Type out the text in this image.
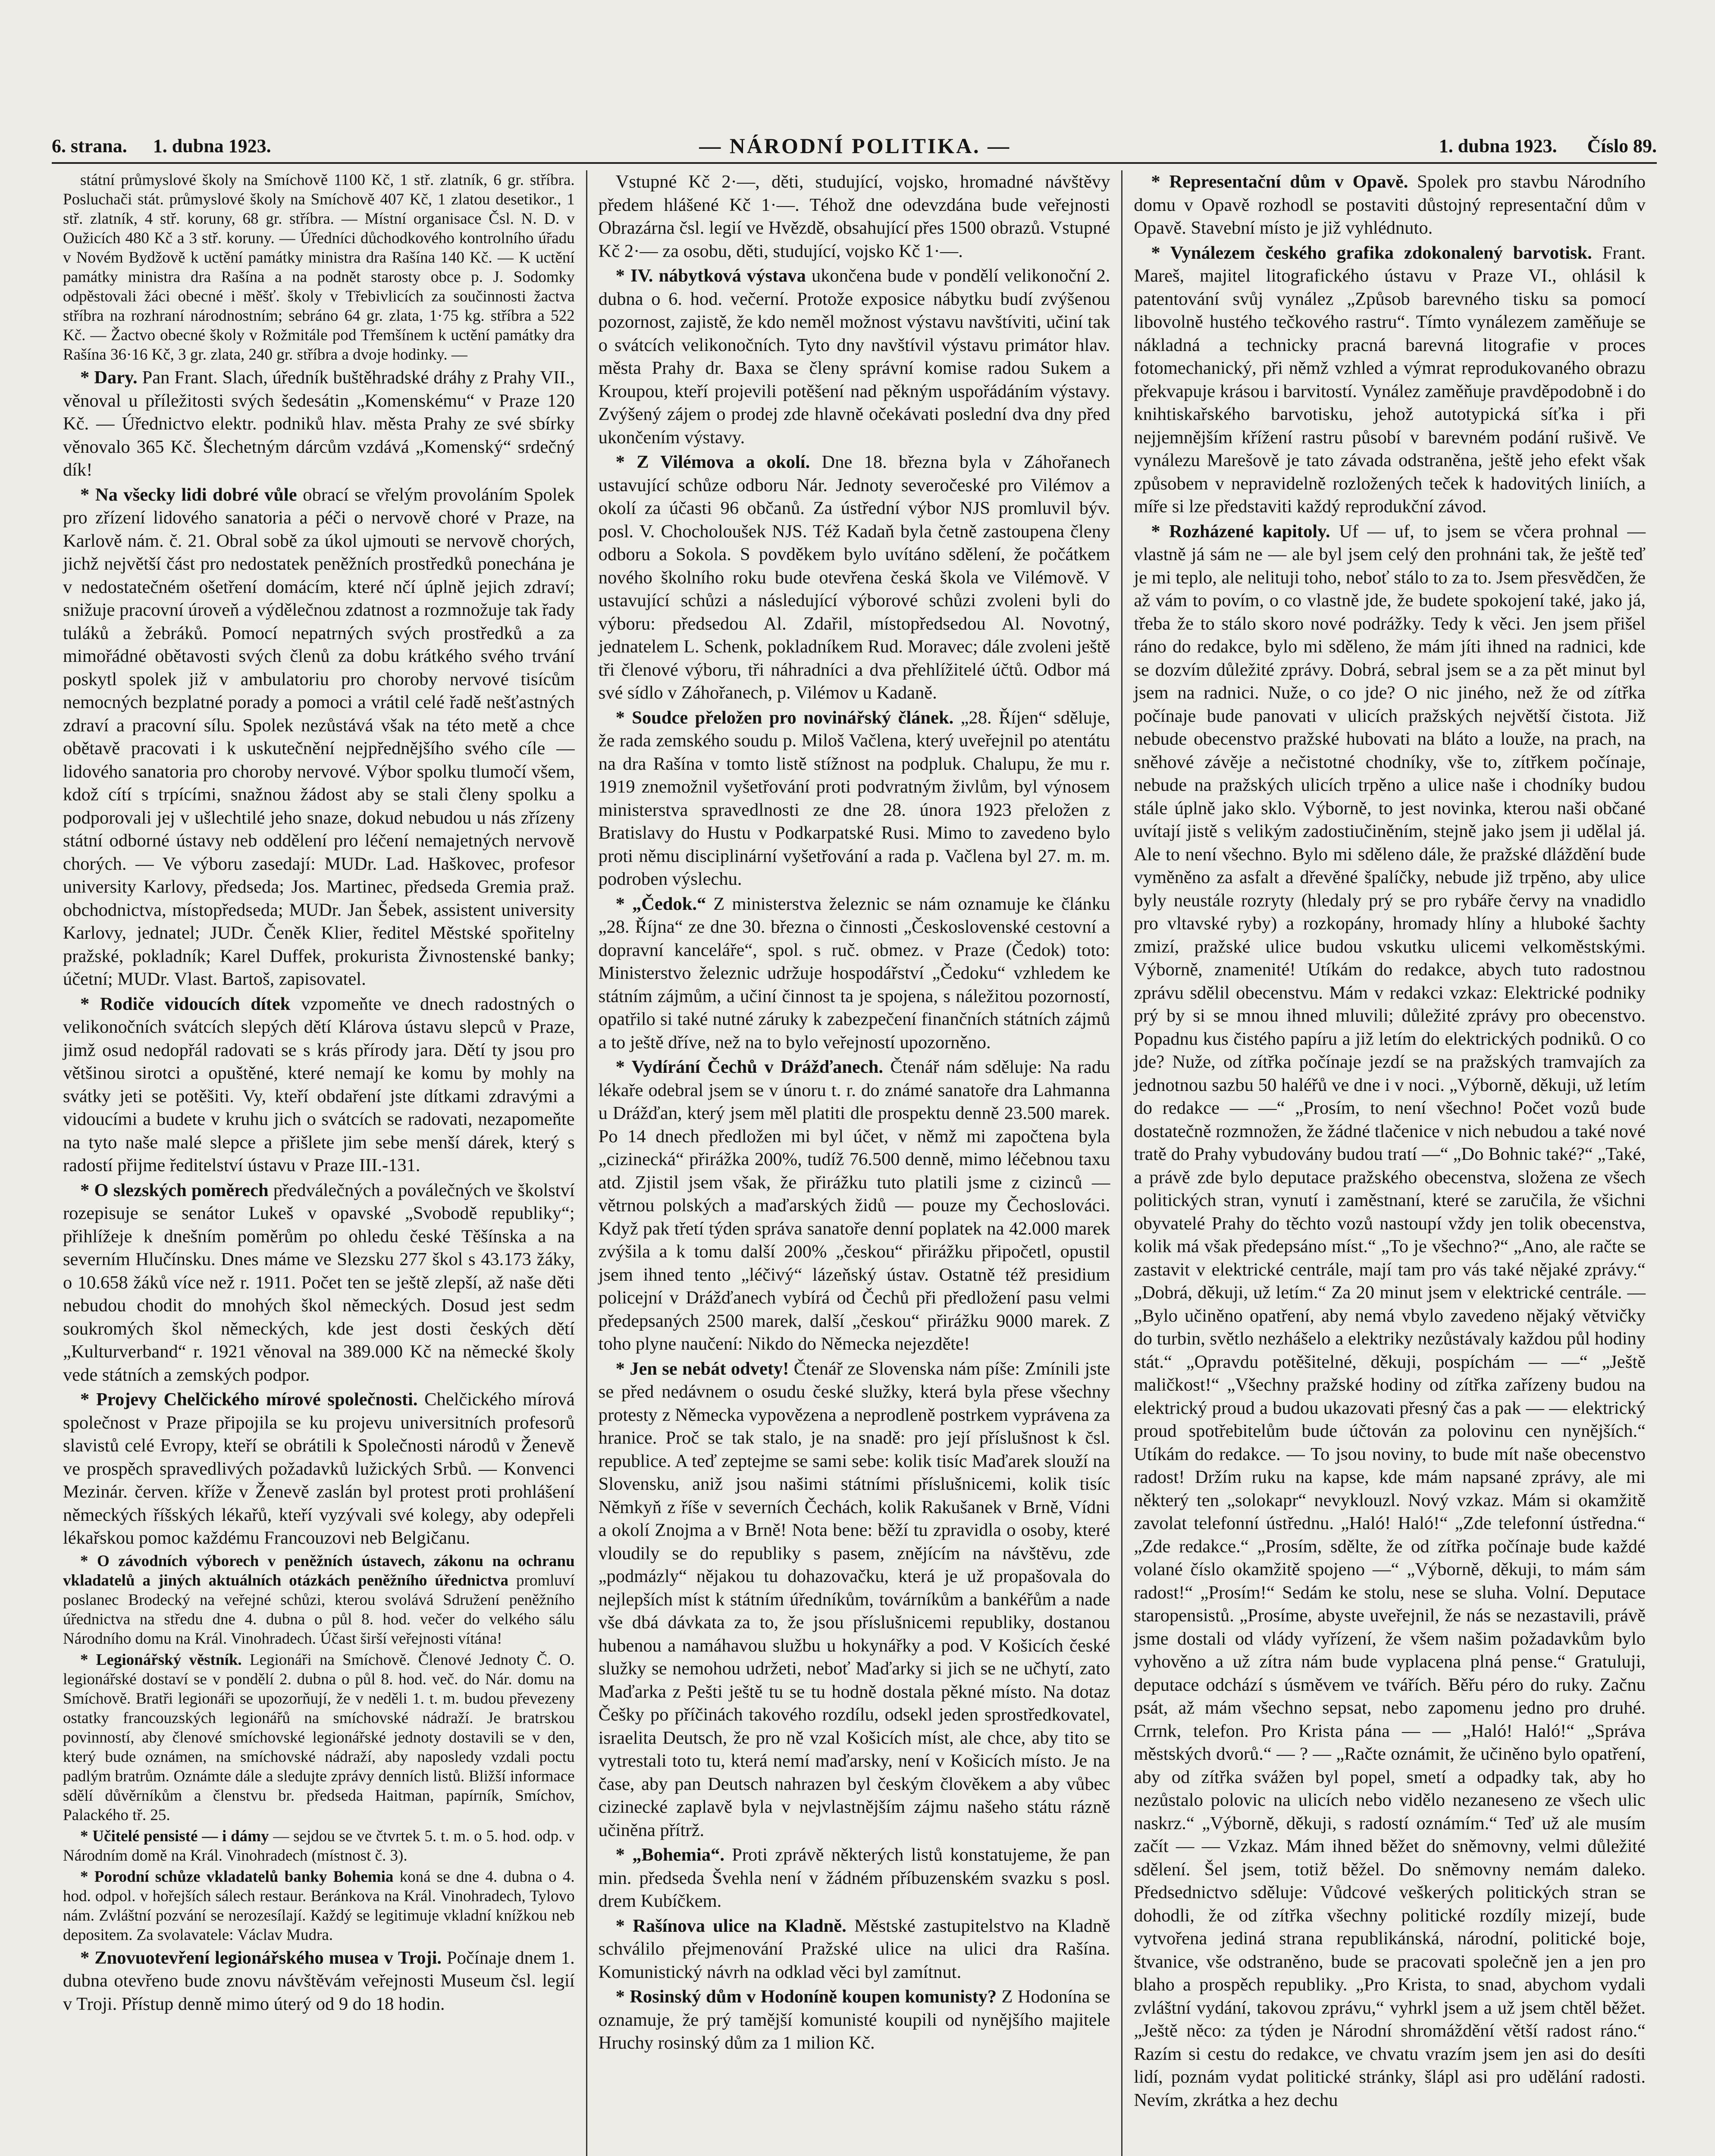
6. strana. 1. dubna 1923.	— NÁRODNÍ POLITIKA. —	1. dubna 1923. Číslo 89.

státní průmyslové školy na Smíchově 1100 Kč, 1 stř. zlatník, 6 gr. stříbra. Posluchači stát. průmyslové školy na Smíchově 407 Kč, 1 zlatou desetikor., 1 stř. zlatník, 4 stř. koruny, 68 gr. stříbra. — Místní organisace Čsl. N. D. v Oužicích 480 Kč a 3 stř. koruny. — Úředníci důchodkového kontrolního úřadu v Novém Bydžově k uctění památky ministra dra Rašína 140 Kč. — K uctění památky ministra dra Rašína a na podnět starosty obce p. J. Sodomky odpěstovali žáci obecné i měšť. školy v Třebivlicích za součinnosti žactva stříbra na rozhraní národnostním; sebráno 64 gr. zlata, 1·75 kg. stříbra a 522 Kč. — Žactvo obecné školy v Rožmitále pod Třemšínem k uctění památky dra Rašína 36·16 Kč, 3 gr. zlata, 240 gr. stříbra a dvoje hodinky. —

* Dary. Pan Frant. Slach, úředník buštěhradské dráhy z Prahy VII., věnoval u příležitosti svých šedesátin „Komenskému“ v Praze 120 Kč. — Úřednictvo elektr. podniků hlav. města Prahy ze své sbírky věnovalo 365 Kč. Šlechetným dárcům vzdává „Komenský“ srdečný dík!

* Na všecky lidi dobré vůle obrací se vřelým provoláním Spolek pro zřízení lidového sanatoria a péči o nervově choré v Praze, na Karlově nám. č. 21. Obral sobě za úkol ujmouti se nervově chorých, jichž největší část pro nedostatek peněžních prostředků ponechána je v nedostatečném ošetření domácím, které nčí úplně jejich zdraví; snižuje pracovní úroveň a výdělečnou zdatnost a rozmnožuje tak řady tuláků a žebráků. Pomocí nepatrných svých prostředků a za mimořádné obětavosti svých členů za dobu krátkého svého trvání poskytl spolek již v ambulatoriu pro choroby nervové tisícům nemocných bezplatné porady a pomoci a vrátil celé řadě nešťastných zdraví a pracovní sílu. Spolek nezůstává však na této metě a chce obětavě pracovati i k uskutečnění nejpřednějšího svého cíle — lidového sanatoria pro choroby nervové. Výbor spolku tlumočí všem, kdož cítí s trpícími, snažnou žádost aby se stali členy spolku a podporovali jej v ušlechtilé jeho snaze, dokud nebudou u nás zřízeny státní odborné ústavy neb oddělení pro léčení nemajetných nervově chorých. — Ve výboru zasedají: MUDr. Lad. Haškovec, profesor university Karlovy, předseda; Jos. Martinec, předseda Gremia praž. obchodnictva, místopředseda; MUDr. Jan Šebek, assistent university Karlovy, jednatel; JUDr. Čeněk Klier, ředitel Městské spořitelny pražské, pokladník; Karel Duffek, prokurista Živnostenské banky; účetní; MUDr. Vlast. Bartoš, zapisovatel.

* Rodiče vidoucích dítek vzpomeňte ve dnech radostných o velikonočních svátcích slepých dětí Klárova ústavu slepců v Praze, jimž osud nedopřál radovati se s krás přírody jara. Dětí ty jsou pro většinou sirotci a opuštěné, které nemají ke komu by mohly na svátky jeti se potěšiti. Vy, kteří obdaření jste dítkami zdravými a vidoucími a budete v kruhu jich o svátcích se radovati, nezapomeňte na tyto naše malé slepce a přišlete jim sebe menší dárek, který s radostí přijme ředitelství ústavu v Praze III.-131.

* O slezských poměrech předválečných a poválečných ve školství rozepisuje se senátor Lukeš v opavské „Svobodě republiky“; přihlížeje k dnešním poměrům po ohledu české Těšínska a na severním Hlučínsku. Dnes máme ve Slezsku 277 škol s 43.173 žáky, o 10.658 žáků více než r. 1911. Počet ten se ještě zlepší, až naše děti nebudou chodit do mnohých škol německých. Dosud jest sedm soukromých škol německých, kde jest dosti českých dětí „Kulturverband“ r. 1921 věnoval na 389.000 Kč na německé školy vede státních a zemských podpor.

* Projevy Chelčického mírové společnosti. Chelčického mírová společnost v Praze připojila se ku projevu universitních profesorů slavistů celé Evropy, kteří se obrátili k Společnosti národů v Ženevě ve prospěch spravedlivých požadavků lužických Srbů. — Konvenci Mezinár. červen. kříže v Ženevě zaslán byl protest proti prohlášení německých říšských lékařů, kteří vyzývali své kolegy, aby odepřeli lékařskou pomoc každému Francouzovi neb Belgičanu.

* O závodních výborech v peněžních ústavech, zákonu na ochranu vkladatelů a jiných aktuálních otázkách peněžního úřednictva promluví poslanec Brodecký na veřejné schůzi, kterou svolává Sdružení peněžního úřednictva na středu dne 4. dubna o půl 8. hod. večer do velkého sálu Národního domu na Král. Vinohradech. Účast širší veřejnosti vítána!

* Legionářský věstník. Legionáři na Smíchově. Členové Jednoty Č. O. legionářské dostaví se v pondělí 2. dubna o půl 8. hod. več. do Nár. domu na Smíchově. Bratři legionáři se upozorňují, že v neděli 1. t. m. budou převezeny ostatky francouzských legionářů na smíchovské nádraží. Je bratrskou povinností, aby členové smíchovské legionářské jednoty dostavili se v den, který bude oznámen, na smíchovské nádraží, aby naposledy vzdali poctu padlým bratrům. Oznámte dále a sledujte zprávy denních listů. Bližší informace sdělí důvěrníkům a členstvu br. předseda Haitman, papírník, Smíchov, Palackého tř. 25.

* Učitelé pensisté — i dámy — sejdou se ve čtvrtek 5. t. m. o 5. hod. odp. v Národním domě na Král. Vinohradech (místnost č. 3).

* Porodní schůze vkladatelů banky Bohemia koná se dne 4. dubna o 4. hod. odpol. v hořejších sálech restaur. Beránkova na Král. Vinohradech, Tylovo nám. Zvláštní pozvání se nerozesílají. Každý se legitimuje vkladní knížkou neb depositem. Za svolavatele: Václav Mudra.

* Znovuotevření legionářského musea v Troji. Počínaje dnem 1. dubna otevřeno bude znovu návštěvám veřejnosti Museum čsl. legií v Troji. Přístup denně mimo úterý od 9 do 18 hodin.

Vstupné Kč 2·—, děti, studující, vojsko, hromadné návštěvy předem hlášené Kč 1·—. Téhož dne odevzdána bude veřejnosti Obrazárna čsl. legií ve Hvězdě, obsahující přes 1500 obrazů. Vstupné Kč 2·— za osobu, děti, studující, vojsko Kč 1·—.

* IV. nábytková výstava ukončena bude v pondělí velikonoční 2. dubna o 6. hod. večerní. Protože exposice nábytku budí zvýšenou pozornost, zajistě, že kdo neměl možnost výstavu navštíviti, učiní tak o svátcích velikonočních. Tyto dny navštívil výstavu primátor hlav. města Prahy dr. Baxa se členy správní komise radou Sukem a Kroupou, kteří projevili potěšení nad pěkným uspořádáním výstavy. Zvýšený zájem o prodej zde hlavně očekávati poslední dva dny před ukončením výstavy.

* Z Vilémova a okolí. Dne 18. března byla v Záhořanech ustavující schůze odboru Nár. Jednoty severočeské pro Vilémov a okolí za účasti 96 občanů. Za ústřední výbor NJS promluvil býv. posl. V. Chocholoušek NJS. Též Kadaň byla četně zastoupena členy odboru a Sokola. S povděkem bylo uvítáno sdělení, že počátkem nového školního roku bude otevřena česká škola ve Vilémově. V ustavující schůzi a následující výborové schůzi zvoleni byli do výboru: předsedou Al. Zdařil, místopředsedou Al. Novotný, jednatelem L. Schenk, pokladníkem Rud. Moravec; dále zvoleni ještě tři členové výboru, tři náhradníci a dva přehlížitelé účtů. Odbor má své sídlo v Záhořanech, p. Vilémov u Kadaně.

* Soudce přeložen pro novinářský článek. „28. Říjen“ sděluje, že rada zemského soudu p. Miloš Vačlena, který uveřejnil po atentátu na dra Rašína v tomto listě stížnost na podpluk. Chalupu, že mu r. 1919 znemožnil vyšetřování proti podvratným živlům, byl výnosem ministerstva spravedlnosti ze dne 28. února 1923 přeložen z Bratislavy do Hustu v Podkarpatské Rusi. Mimo to zavedeno bylo proti němu disciplinární vyšetřování a rada p. Vačlena byl 27. m. m. podroben výslechu.

* „Čedok.“ Z ministerstva železnic se nám oznamuje ke článku „28. Října“ ze dne 30. března o činnosti „Československé cestovní a dopravní kanceláře“, spol. s ruč. obmez. v Praze (Čedok) toto: Ministerstvo železnic udržuje hospodářství „Čedoku“ vzhledem ke státním zájmům, a učiní činnost ta je spojena, s náležitou pozorností, opatřilo si také nutné záruky k zabezpečení finančních státních zájmů a to ještě dříve, než na to bylo veřejností upozorněno.

* Vydírání Čechů v Drážďanech. Čtenář nám sděluje: Na radu lékaře odebral jsem se v únoru t. r. do známé sanatoře dra Lahmanna u Drážďan, který jsem měl platiti dle prospektu denně 23.500 marek. Po 14 dnech předložen mi byl účet, v němž mi započtena byla „cizinecká“ přirážka 200%, tudíž 76.500 denně, mimo léčebnou taxu atd. Zjistil jsem však, že přirážku tuto platili jsme z cizinců — větrnou polských a maďarských židů — pouze my Čechoslováci. Když pak třetí týden správa sanatoře denní poplatek na 42.000 marek zvýšila a k tomu další 200% „českou“ přirážku připočetl, opustil jsem ihned tento „léčivý“ lázeňský ústav. Ostatně též presidium policejní v Drážďanech vybírá od Čechů při předložení pasu velmi předepsaných 2500 marek, další „českou“ přirážku 9000 marek. Z toho plyne naučení: Nikdo do Německa nejezděte!

* Jen se nebát odvety! Čtenář ze Slovenska nám píše: Zmínili jste se před nedávnem o osudu české služky, která byla přese všechny protesty z Německa vypovězena a neprodleně postrkem vyprávena za hranice. Proč se tak stalo, je na snadě: pro její příslušnost k čsl. republice. A teď zeptejme se sami sebe: kolik tisíc Maďarek slouží na Slovensku, aniž jsou našimi státními příslušnicemi, kolik tisíc Němkyň z říše v severních Čechách, kolik Rakušanek v Brně, Vídni a okolí Znojma a v Brně! Nota bene: běží tu zpravidla o osoby, které vloudily se do republiky s pasem, znějícím na návštěvu, zde „podmázly“ nějakou tu dohazovačku, která je už propašovala do nejlepších míst k státním úředníkům, továrníkům a bankéřům a nade vše dbá dávkata za to, že jsou příslušnicemi republiky, dostanou hubenou a namáhavou službu u hokynářky a pod. V Košicích české služky se nemohou udržeti, neboť Maďarky si jich se ne učhytí, zato Maďarka z Pešti ještě tu se tu hodně dostala pěkné místo. Na dotaz Češky po příčinách takového rozdílu, odsekl jeden sprostředkovatel, israelita Deutsch, že pro ně vzal Košicích míst, ale chce, aby tito se vytrestali toto tu, která nemí maďarsky, není v Košicích místo. Je na čase, aby pan Deutsch nahrazen byl českým člověkem a aby vůbec cizinecké zaplavě byla v nejvlastnějším zájmu našeho státu rázně učiněna přítrž.

* „Bohemia“. Proti zprávě některých listů konstatujeme, že pan min. předseda Švehla není v žádném příbuzenském svazku s posl. drem Kubíčkem.

* Rašínova ulice na Kladně. Městské zastupitelstvo na Kladně schválilo přejmenování Pražské ulice na ulici dra Rašína. Komunistický návrh na odklad věci byl zamítnut.

* Rosinský dům v Hodoníně koupen komunisty? Z Hodonína se oznamuje, že prý tamější komunisté koupili od nynějšího majitele Hruchy rosinský dům za 1 milion Kč.

* Representační dům v Opavě. Spolek pro stavbu Národního domu v Opavě rozhodl se postaviti důstojný representační dům v Opavě. Stavební místo je již vyhlédnuto.

* Vynálezem českého grafika zdokonalený barvotisk. Frant. Mareš, majitel litografického ústavu v Praze VI., ohlásil k patentování svůj vynález „Způsob barevného tisku sa pomocí libovolně hustého tečkového rastru“. Tímto vynálezem zaměňuje se nákladná a technicky pracná barevná litografie v proces fotomechanický, při němž vzhled a výmrat reprodukovaného obrazu překvapuje krásou i barvitostí. Vynález zaměňuje pravděpodobně i do knihtiskařského barvotisku, jehož autotypická síťka i při nejjemnějším křížení rastru působí v barevném podání rušivě. Ve vynálezu Marešově je tato závada odstraněna, ještě jeho efekt však způsobem v nepravidelně rozložených teček k hadovitých liniích, a míře si lze představiti každý reprodukční závod.

* Rozházené kapitoly. Uf — uf, to jsem se včera prohnal — vlastně já sám ne — ale byl jsem celý den prohnáni tak, že ještě teď je mi teplo, ale nelituji toho, neboť stálo to za to. Jsem přesvědčen, že až vám to povím, o co vlastně jde, že budete spokojení také, jako já, třeba že to stálo skoro nové podrážky. Tedy k věci. Jen jsem přišel ráno do redakce, bylo mi sděleno, že mám jíti ihned na radnici, kde se dozvím důležité zprávy. Dobrá, sebral jsem se a za pět minut byl jsem na radnici. Nuže, o co jde? O nic jiného, než že od zítřka počínaje bude panovati v ulicích pražských největší čistota. Již nebude obecenstvo pražské hubovati na bláto a louže, na prach, na sněhové závěje a nečistotné chodníky, vše to, zítřkem počínaje, nebude na pražských ulicích trpěno a ulice naše i chodníky budou stále úplně jako sklo. Výborně, to jest novinka, kterou naši občané uvítají jistě s velikým zadostiučiněním, stejně jako jsem ji udělal já. Ale to není všechno. Bylo mi sděleno dále, že pražské dláždění bude vyměněno za asfalt a dřevěné špalíčky, nebude již trpěno, aby ulice byly neustále rozryty (hledaly prý se pro rybáře červy na vnadidlo pro vltavské ryby) a rozkopány, hromady hlíny a hluboké šachty zmizí, pražské ulice budou vskutku ulicemi velkoměstskými. Výborně, znamenité! Utíkám do redakce, abych tuto radostnou zprávu sdělil obecenstvu. Mám v redakci vzkaz: Elektrické podniky prý by si se mnou ihned mluvili; důležité zprávy pro obecenstvo. Popadnu kus čistého papíru a již letím do elektrických podniků. O co jde? Nuže, od zítřka počínaje jezdí se na pražských tramvajích za jednotnou sazbu 50 haléřů ve dne i v noci. „Výborně, děkuji, už letím do redakce — —“ „Prosím, to není všechno! Počet vozů bude dostatečně rozmnožen, že žádné tlačenice v nich nebudou a také nové tratě do Prahy vybudovány budou tratí —“ „Do Bohnic také?“ „Také, a právě zde bylo deputace pražského obecenstva, složena ze všech politických stran, vynutí i zaměstnaní, které se zaručila, že všichni obyvatelé Prahy do těchto vozů nastoupí vždy jen tolik obecenstva, kolik má však předepsáno míst.“ „To je všechno?“ „Ano, ale račte se zastavit v elektrické centrále, mají tam pro vás také nějaké zprávy.“ „Dobrá, děkuji, už letím.“ Za 20 minut jsem v elektrické centrále. — „Bylo učiněno opatření, aby nemá vbylo zavedeno nějaký větvičky do turbin, světlo nezhášelo a elektriky nezůstávaly každou půl hodiny stát.“ „Opravdu potěšitelné, děkuji, pospíchám — —“ „Ještě maličkost!“ „Všechny pražské hodiny od zítřka zařízeny budou na elektrický proud a budou ukazovati přesný čas a pak — — elektrický proud spotřebitelům bude účtován za polovinu cen nynějších.“ Utíkám do redakce. — To jsou noviny, to bude mít naše obecenstvo radost! Držím ruku na kapse, kde mám napsané zprávy, ale mi některý ten „solokapr“ nevyklouzl. Nový vzkaz. Mám si okamžitě zavolat telefonní ústřednu. „Haló! Haló!“ „Zde telefonní ústředna.“ „Zde redakce.“ „Prosím, sdělte, že od zítřka počínaje bude každé volané číslo okamžitě spojeno —“ „Výborně, děkuji, to mám sám radost!“ „Prosím!“ Sedám ke stolu, nese se sluha. Volní. Deputace staropensistů. „Prosíme, abyste uveřejnil, že nás se nezastavili, právě jsme dostali od vlády vyřízení, že všem našim požadavkům bylo vyhověno a už zítra nám bude vyplacena plná pense.“ Gratuluji, deputace odchází s úsměvem ve tvářích. Běřu péro do ruky. Začnu psát, až mám všechno sepsat, nebo zapomenu jedno pro druhé. Crrnk, telefon. Pro Krista pána — — „Haló! Haló!“ „Správa městských dvorů.“ — ? — „Račte oznámit, že učiněno bylo opatření, aby od zítřka svážen byl popel, smetí a odpadky tak, aby ho nezůstalo polovic na ulicích nebo vidělo nezaneseno ze všech ulic naskrz.“ „Výborně, děkuji, s radostí oznámím.“ Teď už ale musím začít — — Vzkaz. Mám ihned běžet do sněmovny, velmi důležité sdělení. Šel jsem, totiž běžel. Do sněmovny nemám daleko. Předsednictvo sděluje: Vůdcové veškerých politických stran se dohodli, že od zítřka všechny politické rozdíly mizejí, bude vytvořena jediná strana republikánská, národní, politické boje, štvanice, vše odstraněno, bude se pracovati společně jen a jen pro blaho a prospěch republiky. „Pro Krista, to snad, abychom vydali zvláštní vydání, takovou zprávu,“ vyhrkl jsem a už jsem chtěl běžet. „Ještě něco: za týden je Národní shromáždění větší radost ráno.“ Razím si cestu do redakce, ve chvatu vrazím jsem jen asi do desíti lidí, poznám vydat politické stránky, šlápl asi pro udělání radosti. Nevím, zkrátka a hez dechu
